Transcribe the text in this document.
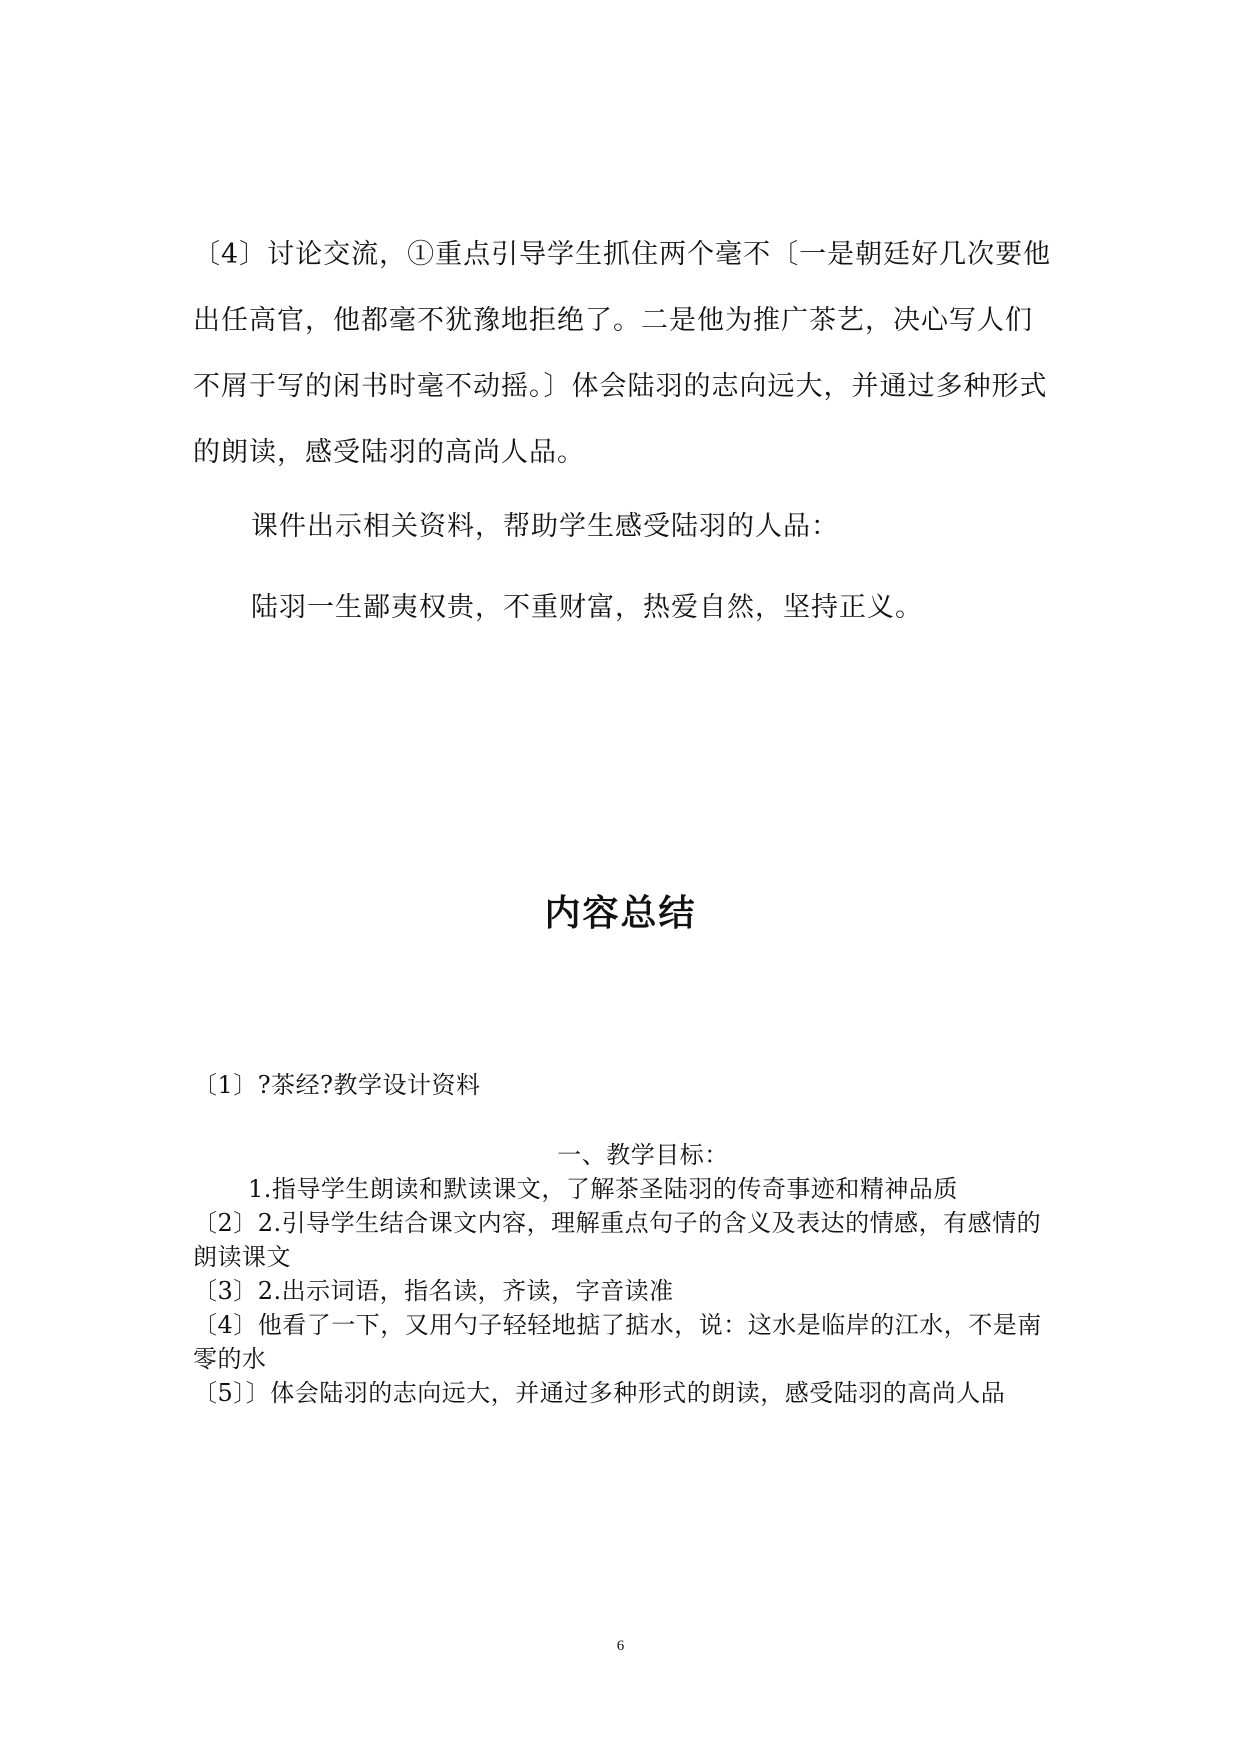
〔4〕讨论交流，①重点引导学生抓住两个毫不〔一是朝廷好几次要他出任高官，他都毫不犹豫地拒绝了。二是他为推广茶艺，决心写人们不屑于写的闲书时毫不动摇。〕体会陆羽的志向远大，并通过多种形式的朗读，感受陆羽的高尚人品。

课件出示相关资料，帮助学生感受陆羽的人品：

陆羽一生鄙夷权贵，不重财富，热爱自然，坚持正义。

内容总结

〔1〕?茶经?教学设计资料

一、教学目标：

1.指导学生朗读和默读课文，了解茶圣陆羽的传奇事迹和精神品质

〔2〕2.引导学生结合课文内容，理解重点句子的含义及表达的情感，有感情的朗读课文

〔3〕2.出示词语，指名读，齐读，字音读准

〔4〕他看了一下，又用勺子轻轻地掂了掂水，说：这水是临岸的江水，不是南零的水

〔5〕〕体会陆羽的志向远大，并通过多种形式的朗读，感受陆羽的高尚人品

6
